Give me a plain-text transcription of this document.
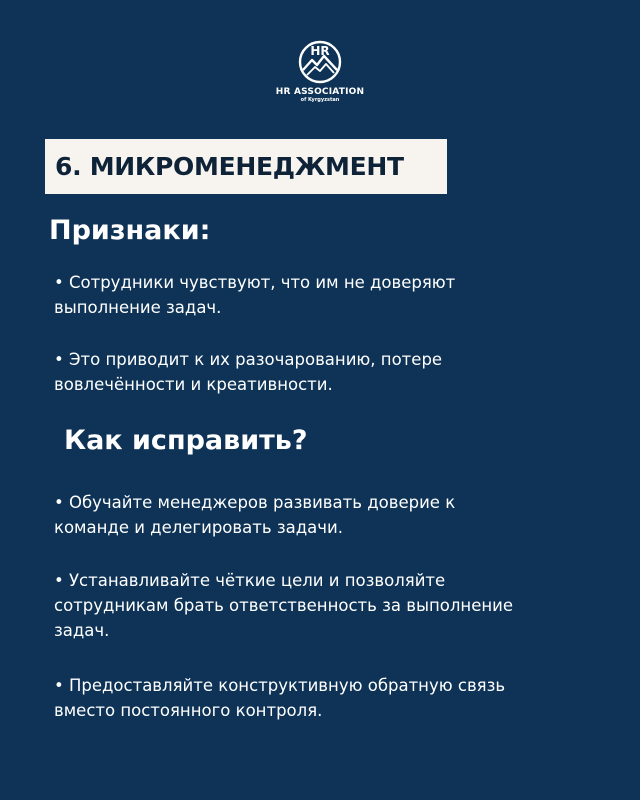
HR
HR ASSOCIATION
of Kyrgyzstan
6. МИКРОМЕНЕДЖМЕНТ
Признаки:
• Сотрудники чувствуют, что им не доверяют выполнение задач.
• Это приводит к их разочарованию, потере вовлечённости и креативности.
Как исправить?
• Обучайте менеджеров развивать доверие к команде и делегировать задачи.
• Устанавливайте чёткие цели и позволяйте сотрудникам брать ответственность за выполнение задач.
• Предоставляйте конструктивную обратную связь вместо постоянного контроля.
